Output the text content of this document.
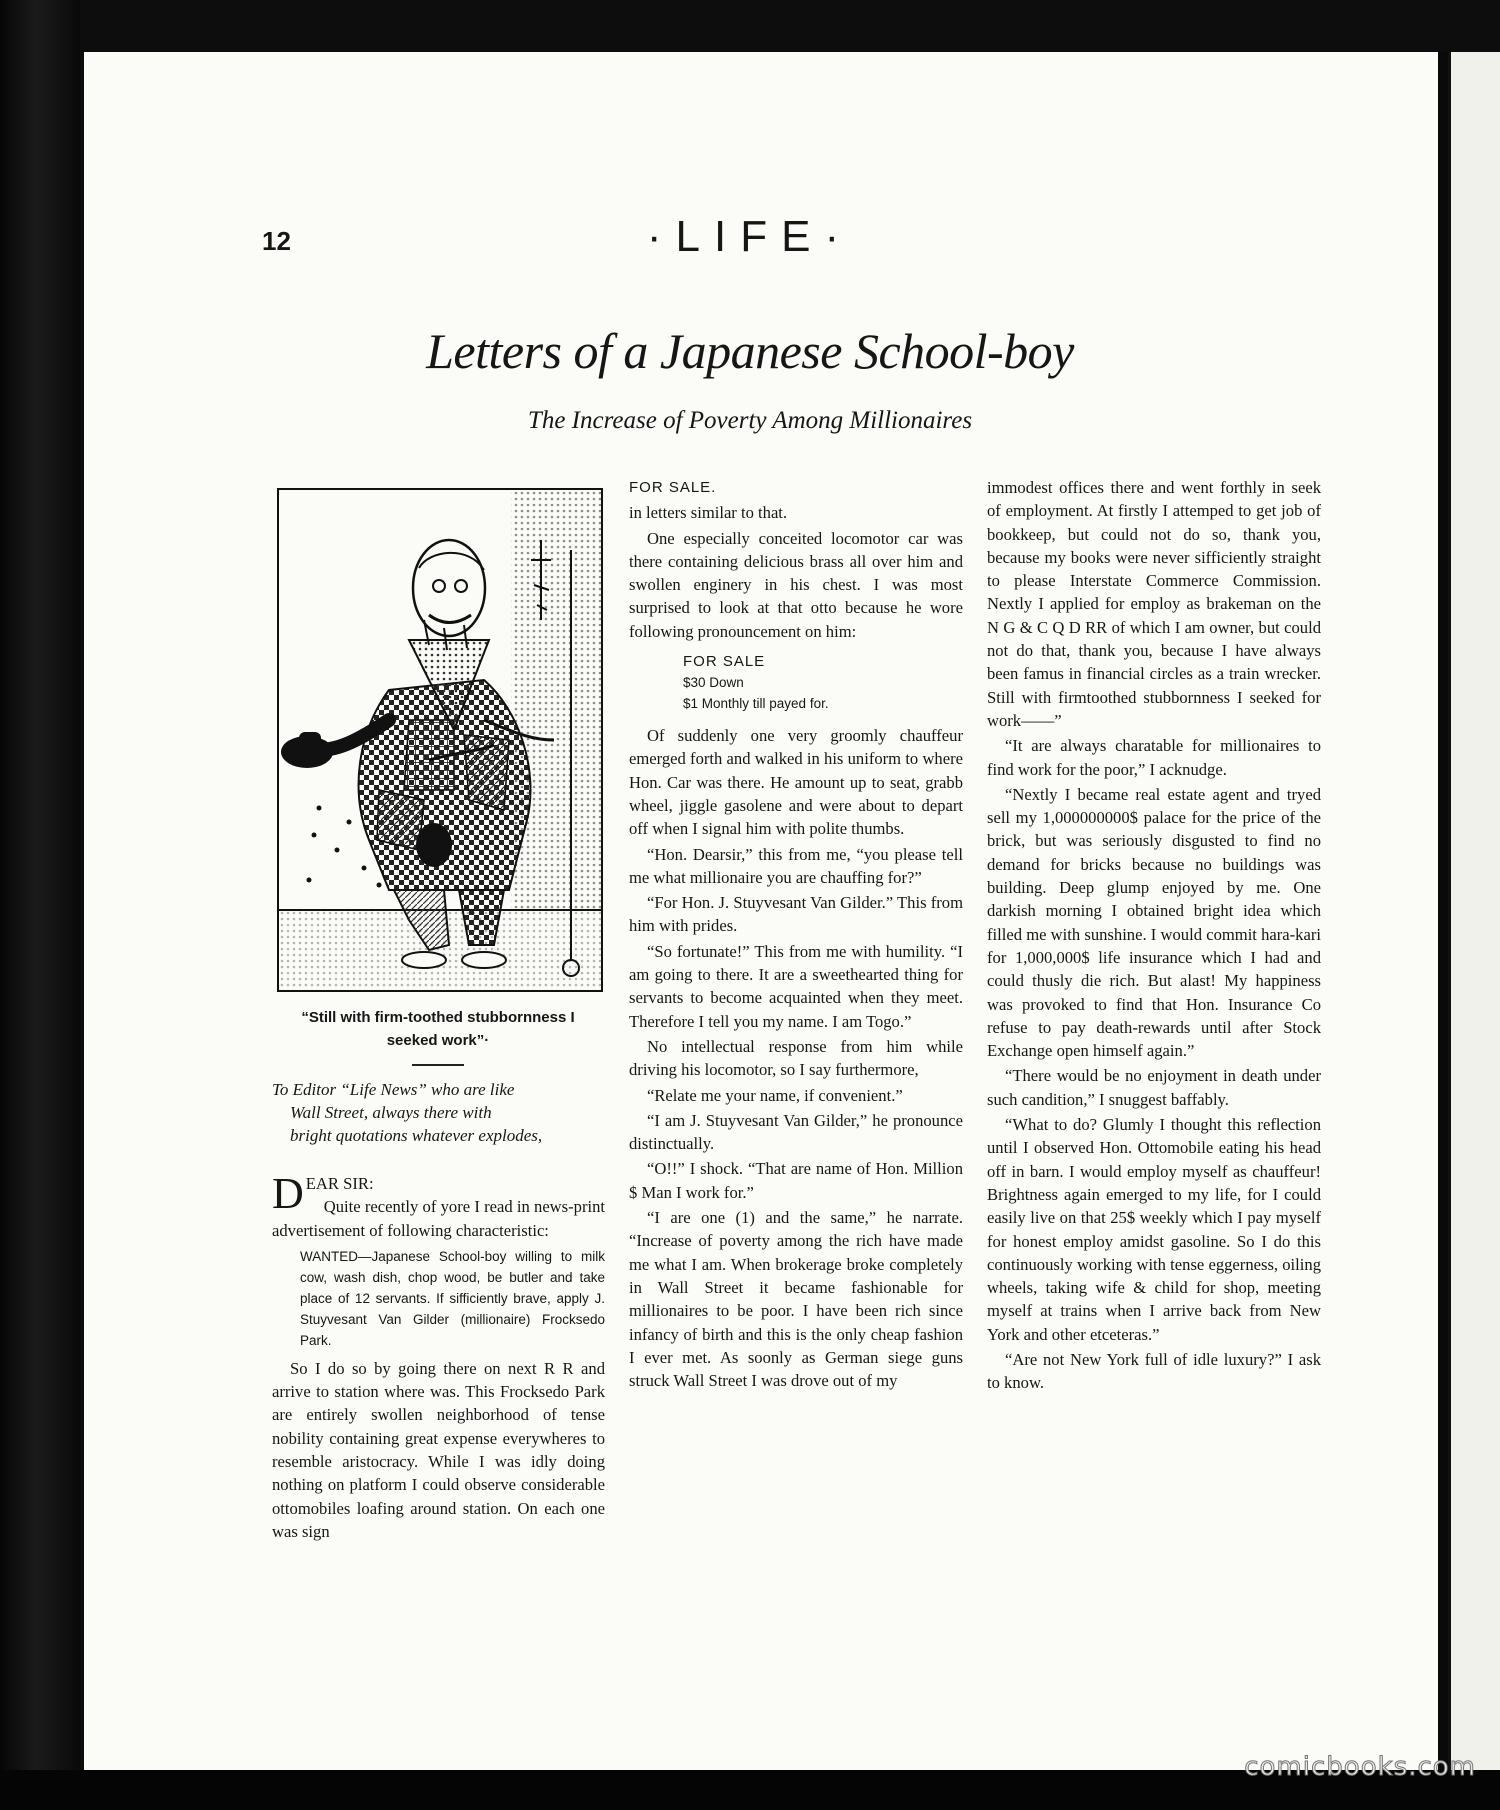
comicbooks.com
12	·LIFE·
Letters of a Japanese School-boy
The Increase of Poverty Among Millionaires
“Still with firm-toothed stubbornness I seeked work”·
To Editor “Life News” who are like
Wall Street, always there with
bright quotations whatever explodes,

DEAR SIR:

Quite recently of yore I read in news-print advertisement of following characteristic:

WANTED—Japanese School-boy willing to milk cow, wash dish, chop wood, be butler and take place of 12 servants. If sifficiently brave, apply J. Stuyvesant Van Gilder (millionaire) Frocksedo Park.

So I do so by going there on next R R and arrive to station where was. This Frocksedo Park are entirely swollen neighborhood of tense nobility containing great expense everywheres to resemble aristocracy. While I was idly doing nothing on platform I could observe considerable ottomobiles loafing around station. On each one was sign

FOR SALE.

in letters similar to that.

One especially conceited locomotor car was there containing delicious brass all over him and swollen enginery in his chest. I was most surprised to look at that otto because he wore following pronouncement on him:

FOR SALE
$30 Down
$1 Monthly till payed for.

Of suddenly one very groomly chauffeur emerged forth and walked in his uniform to where Hon. Car was there. He amount up to seat, grabb wheel, jiggle gasolene and were about to depart off when I signal him with polite thumbs.

“Hon. Dearsir,” this from me, “you please tell me what millionaire you are chauffing for?”

“For Hon. J. Stuyvesant Van Gilder.” This from him with prides.

“So fortunate!” This from me with humility. “I am going to there. It are a sweethearted thing for servants to become acquainted when they meet. Therefore I tell you my name. I am Togo.”

No intellectual response from him while driving his locomotor, so I say furthermore,

“Relate me your name, if convenient.”

“I am J. Stuyvesant Van Gilder,” he pronounce distinctually.

“O!!” I shock. “That are name of Hon. Million $ Man I work for.”

“I are one (1) and the same,” he narrate. “Increase of poverty among the rich have made me what I am. When brokerage broke completely in Wall Street it became fashionable for millionaires to be poor. I have been rich since infancy of birth and this is the only cheap fashion I ever met. As soonly as German siege guns struck Wall Street I was drove out of my

immodest offices there and went forthly in seek of employment. At firstly I attemped to get job of bookkeep, but could not do so, thank you, because my books were never sifficiently straight to please Interstate Commerce Commission. Nextly I applied for employ as brakeman on the N G & C Q D RR of which I am owner, but could not do that, thank you, because I have always been famus in financial circles as a train wrecker. Still with firmtoothed stubbornness I seeked for work——”

“It are always charatable for millionaires to find work for the poor,” I acknudge.

“Nextly I became real estate agent and tryed sell my 1,000000000$ palace for the price of the brick, but was seriously disgusted to find no demand for bricks because no buildings was building. Deep glump enjoyed by me. One darkish morning I obtained bright idea which filled me with sunshine. I would commit hara-kari for 1,000,000$ life insurance which I had and could thusly die rich. But alast! My happiness was provoked to find that Hon. Insurance Co refuse to pay death-rewards until after Stock Exchange open himself again.”

“There would be no enjoyment in death under such candition,” I snuggest baffably.

“What to do? Glumly I thought this reflection until I observed Hon. Ottomobile eating his head off in barn. I would employ myself as chauffeur! Brightness again emerged to my life, for I could easily live on that 25$ weekly which I pay myself for honest employ amidst gasoline. So I do this continuously working with tense eggerness, oiling wheels, taking wife & child for shop, meeting myself at trains when I arrive back from New York and other etceteras.”

“Are not New York full of idle luxury?” I ask to know.
